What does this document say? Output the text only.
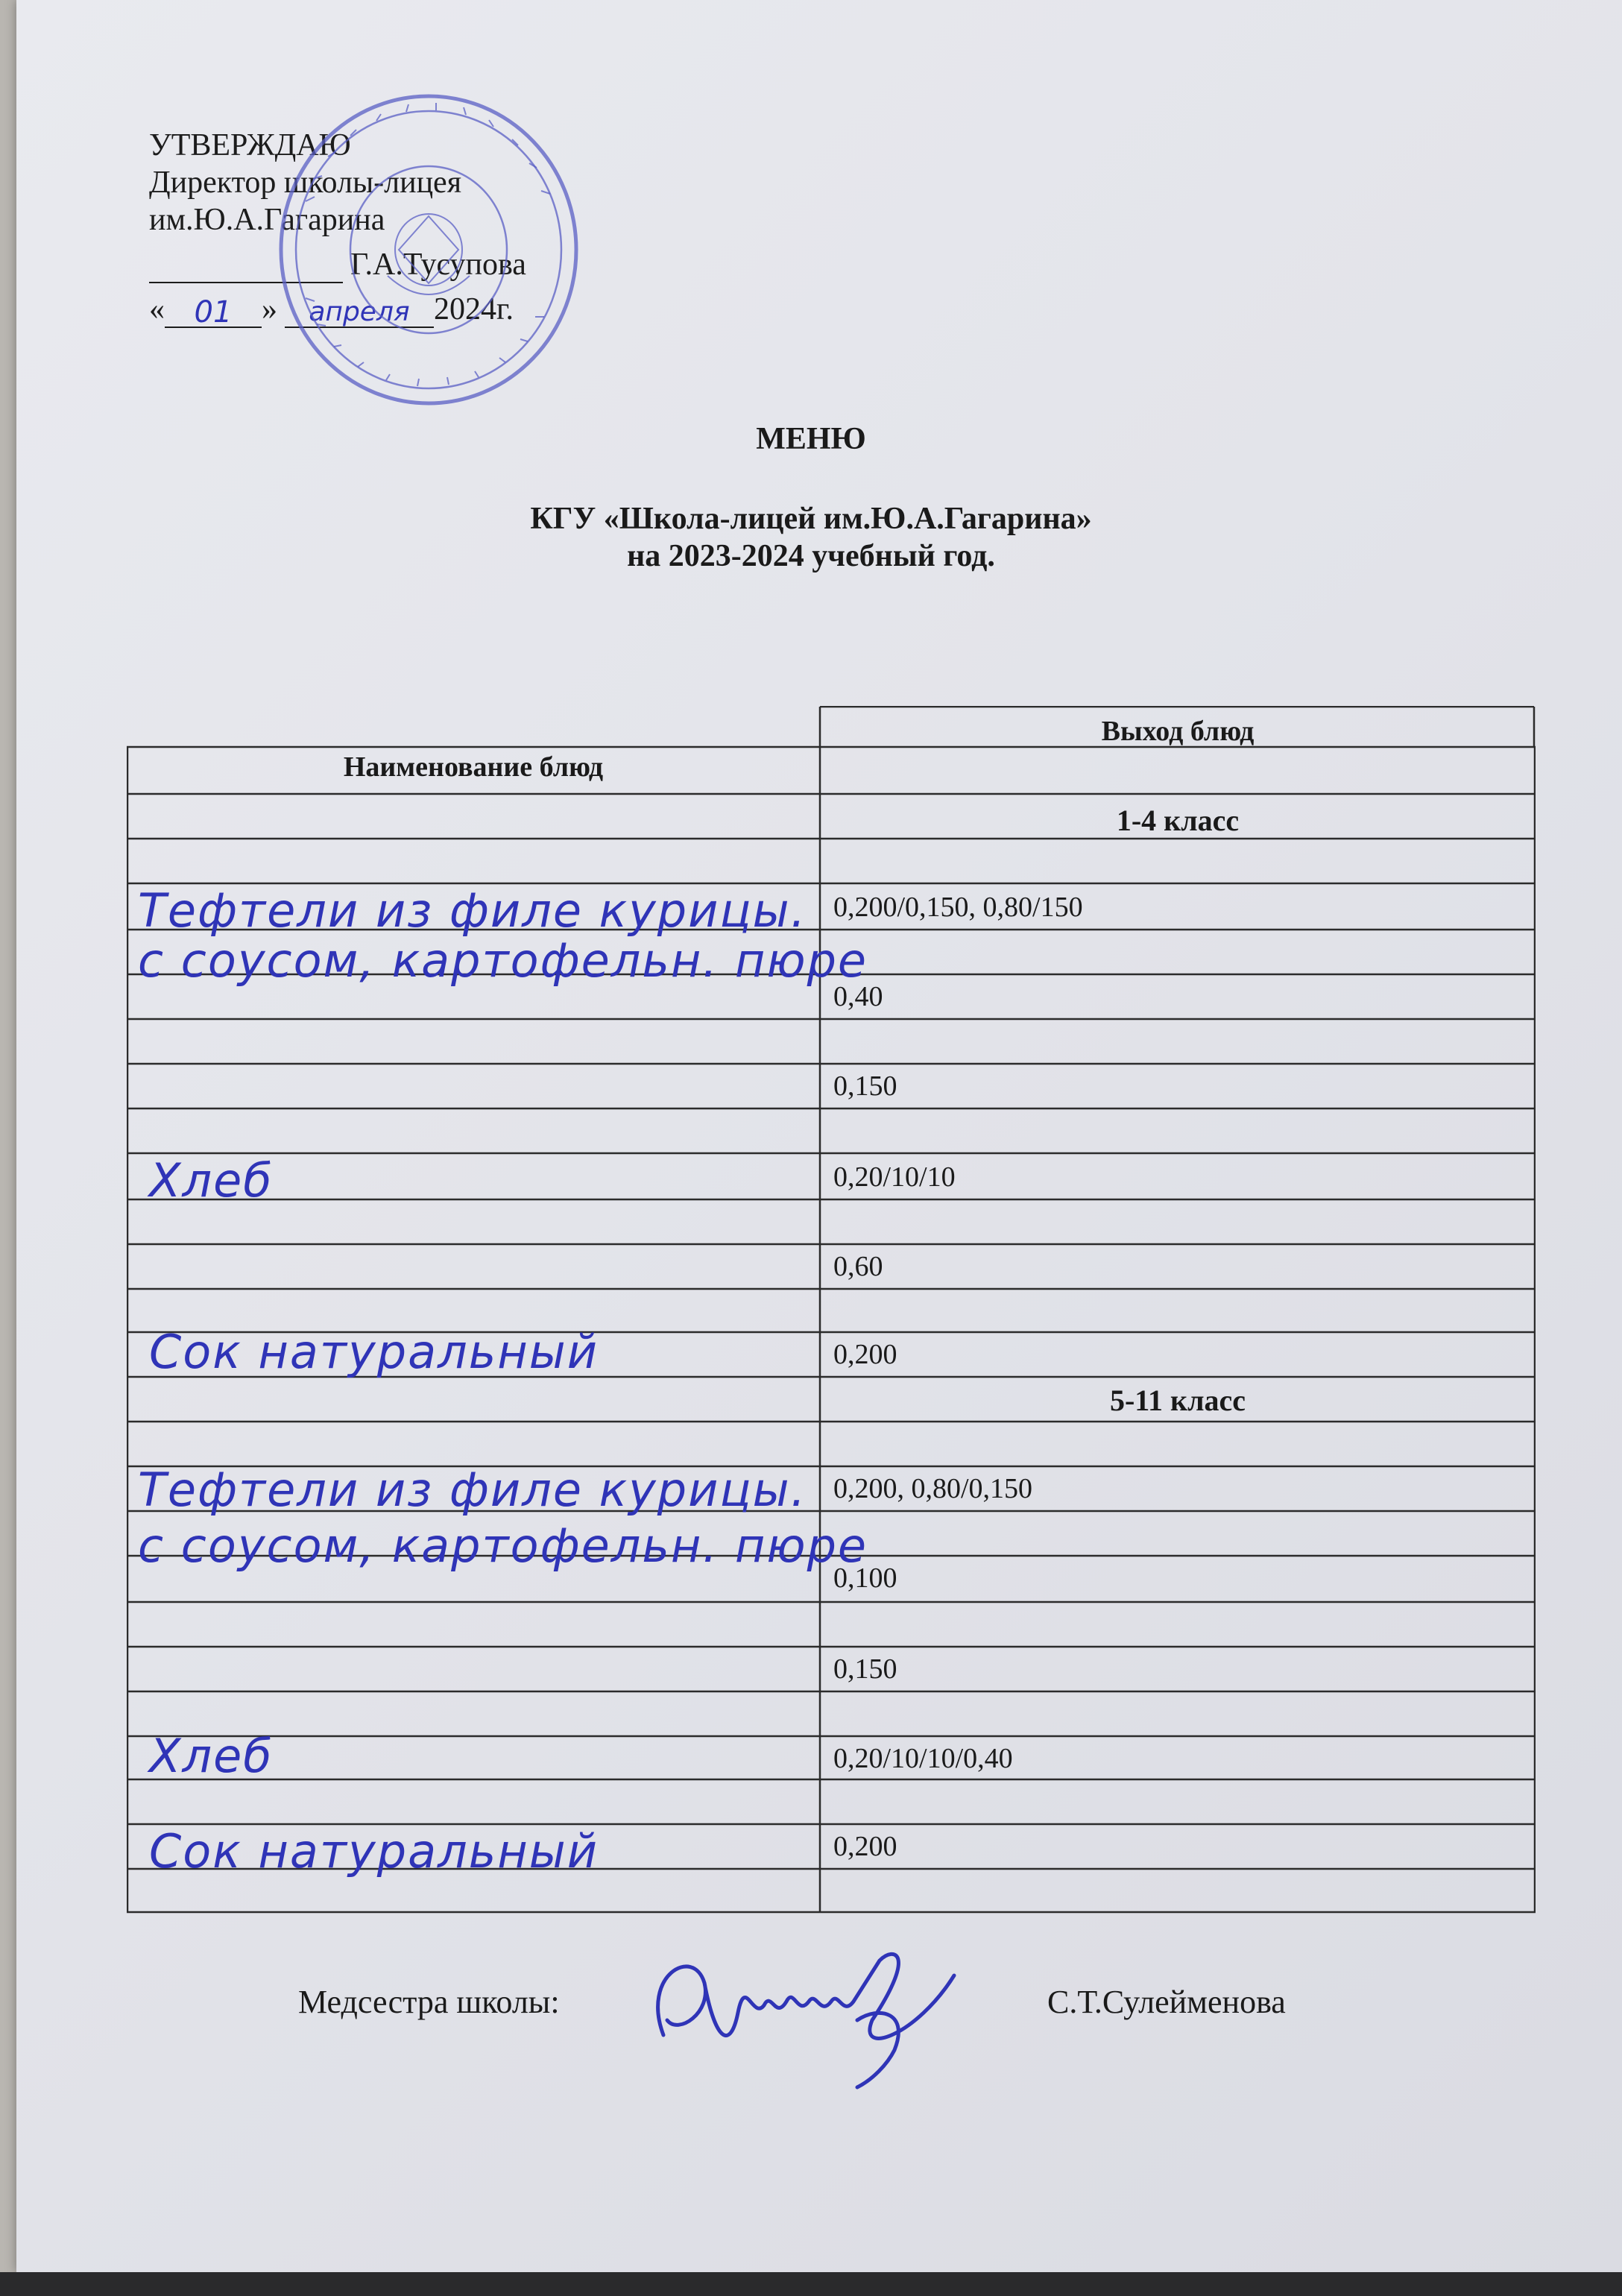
УТВЕРЖДАЮ
Директор школы-лицея
им.Ю.А.Гагарина
Г.А.Тусупова
« 01 » апреля 2024г.
МЕНЮ
КГУ «Школа-лицей им.Ю.А.Гагарина»
на 2023-2024 учебный год.
Наименование блюд
Выход блюд
1-4 класс
0,200/0,150, 0,80/150
0,40
0,150
0,20/10/10
0,60
0,200
5-11 класс
0,200, 0,80/0,150
0,100
0,150
0,20/10/10/0,40
0,200
Тефтели из филе курицы.
с соусом, картофельн. пюре
Хлеб
Сок натуральный
Тефтели из филе курицы.
с соусом, картофельн. пюре
Хлеб
Сок натуральный
Медсестра школы:	С.Т.Сулейменова
